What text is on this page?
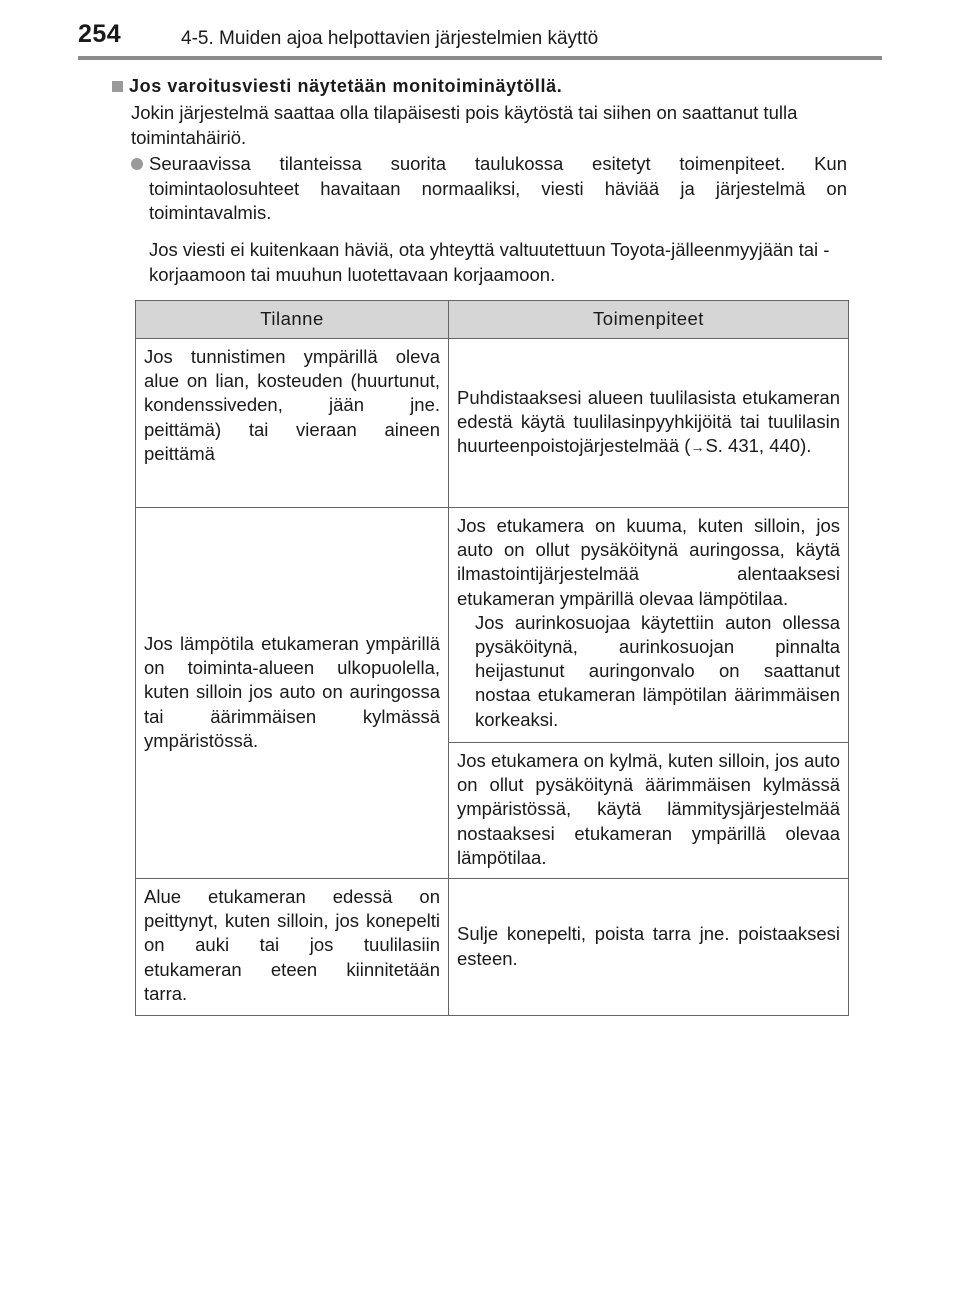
254	4-5. Muiden ajoa helpottavien järjestelmien käyttö
Jos varoitusviesti näytetään monitoiminäytöllä.
Jokin järjestelmä saattaa olla tilapäisesti pois käytöstä tai siihen on saattanut tulla toimintahäiriö.
Seuraavissa tilanteissa suorita taulukossa esitetyt toimenpiteet. Kun toimintaolosuhteet havaitaan normaaliksi, viesti häviää ja järjestelmä on toimintavalmis.
Jos viesti ei kuitenkaan häviä, ota yhteyttä valtuutettuun Toyota-jälleenmyyjään tai -korjaamoon tai muuhun luotettavaan korjaamoon.
Tilanne	Toimenpiteet
Jos tunnistimen ympärillä oleva alue on lian, kosteuden (huurtunut, kondenssiveden, jään jne. peittämä) tai vieraan aineen peittämä	Puhdistaaksesi alueen tuulilasista etukameran edestä käytä tuulilasinpyyhkijöitä tai tuulilasin huurteenpoistojärjestelmää (→S. 431, 440).
Jos lämpötila etukameran ympärillä on toiminta-alueen ulkopuolella, kuten silloin jos auto on auringossa tai äärimmäisen kylmässä ympäristössä.	Jos etukamera on kuuma, kuten silloin, jos auto on ollut pysäköitynä auringossa, käytä ilmastointijärjestelmää alentaaksesi etukameran ympärillä olevaa lämpötilaa.
Jos aurinkosuojaa käytettiin auton ollessa pysäköitynä, aurinkosuojan pinnalta heijastunut auringonvalo on saattanut nostaa etukameran lämpötilan äärimmäisen korkeaksi.

	Jos etukamera on kylmä, kuten silloin, jos auto on ollut pysäköitynä äärimmäisen kylmässä ympäristössä, käytä lämmitysjärjestelmää nostaaksesi etukameran ympärillä olevaa lämpötilaa.
Alue etukameran edessä on peittynyt, kuten silloin, jos konepelti on auki tai jos tuulilasiin etukameran eteen kiinnitetään tarra.	Sulje konepelti, poista tarra jne. poistaaksesi esteen.
